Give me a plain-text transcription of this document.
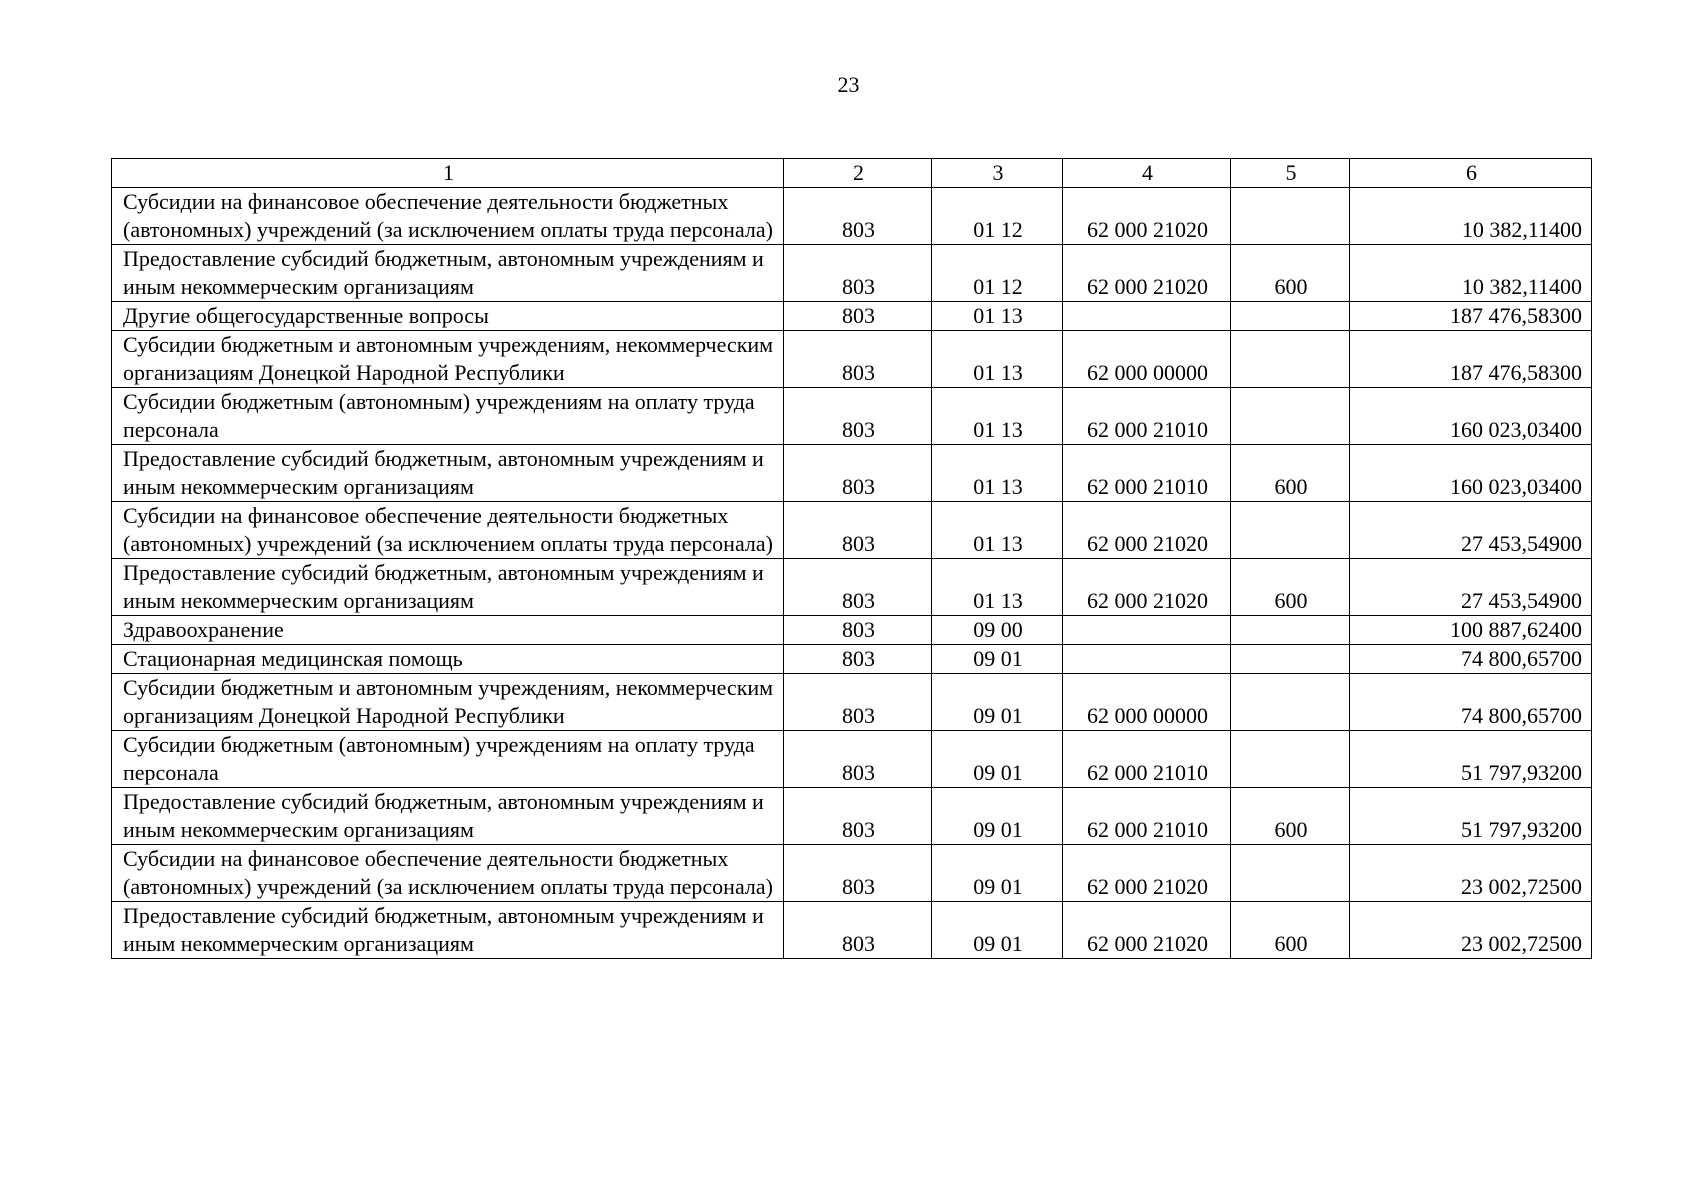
23
1	2	3	4	5	6
Субсидии на финансовое обеспечение деятельности бюджетных (автономных) учреждений (за исключением оплаты труда персонала)	803	01 12	62 000 21020		10 382,11400
Предоставление субсидий бюджетным, автономным учреждениям и иным некоммерческим организациям	803	01 12	62 000 21020	600	10 382,11400
Другие общегосударственные вопросы	803	01 13			187 476,58300
Субсидии бюджетным и автономным учреждениям, некоммерческим организациям Донецкой Народной Республики	803	01 13	62 000 00000		187 476,58300
Субсидии бюджетным (автономным) учреждениям на оплату труда персонала	803	01 13	62 000 21010		160 023,03400
Предоставление субсидий бюджетным, автономным учреждениям и иным некоммерческим организациям	803	01 13	62 000 21010	600	160 023,03400
Субсидии на финансовое обеспечение деятельности бюджетных (автономных) учреждений (за исключением оплаты труда персонала)	803	01 13	62 000 21020		27 453,54900
Предоставление субсидий бюджетным, автономным учреждениям и иным некоммерческим организациям	803	01 13	62 000 21020	600	27 453,54900
Здравоохранение	803	09 00			100 887,62400
Стационарная медицинская помощь	803	09 01			74 800,65700
Субсидии бюджетным и автономным учреждениям, некоммерческим организациям Донецкой Народной Республики	803	09 01	62 000 00000		74 800,65700
Субсидии бюджетным (автономным) учреждениям на оплату труда персонала	803	09 01	62 000 21010		51 797,93200
Предоставление субсидий бюджетным, автономным учреждениям и иным некоммерческим организациям	803	09 01	62 000 21010	600	51 797,93200
Субсидии на финансовое обеспечение деятельности бюджетных (автономных) учреждений (за исключением оплаты труда персонала)	803	09 01	62 000 21020		23 002,72500
Предоставление субсидий бюджетным, автономным учреждениям и иным некоммерческим организациям	803	09 01	62 000 21020	600	23 002,72500
